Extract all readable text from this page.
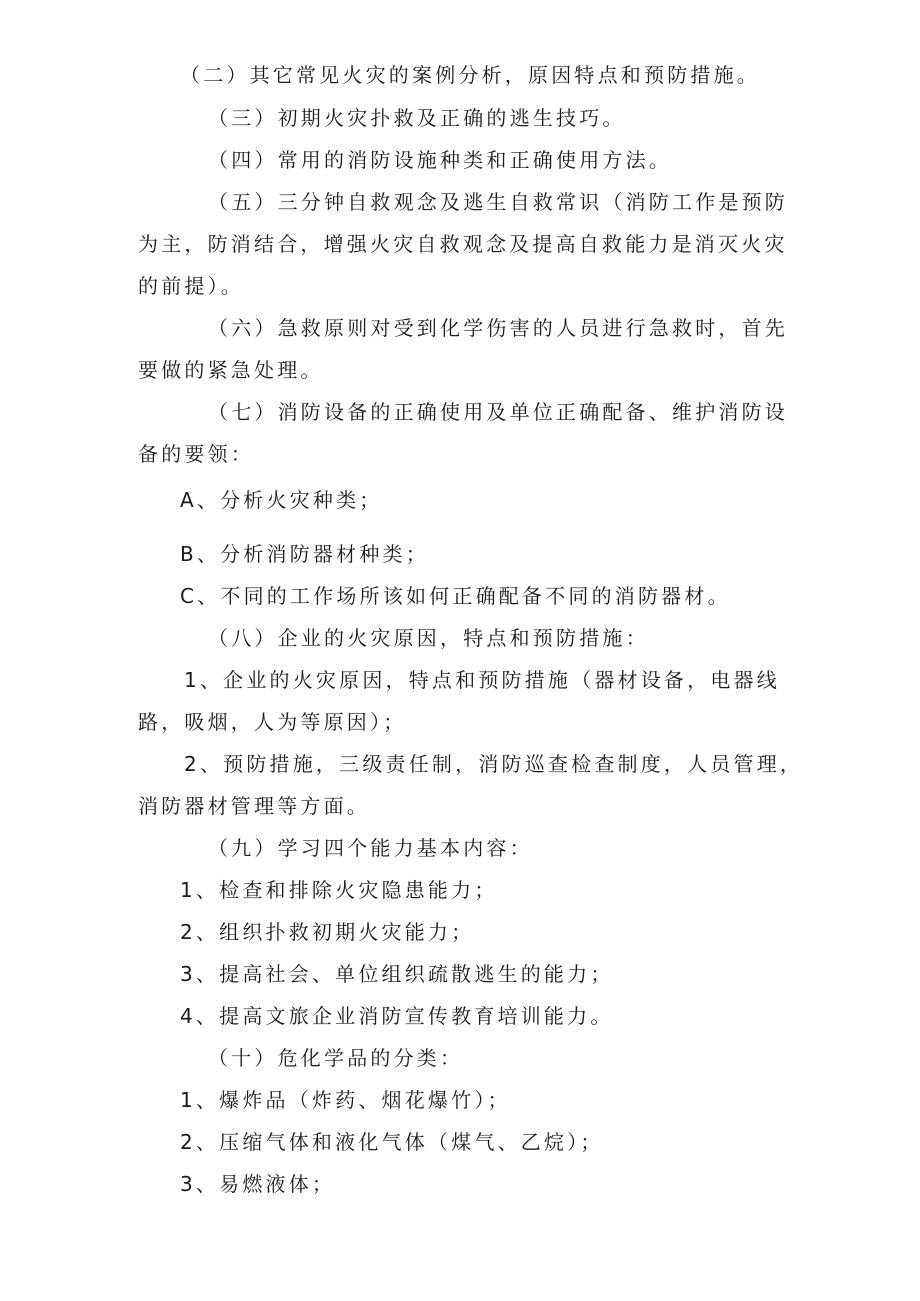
（二）其它常见火灾的案例分析，原因特点和预防措施。
（三）初期火灾扑救及正确的逃生技巧。
（四）常用的消防设施种类和正确使用方法。
（五）三分钟自救观念及逃生自救常识（消防工作是预防
为主，防消结合，增强火灾自救观念及提高自救能力是消灭火灾
的前提）。
（六）急救原则对受到化学伤害的人员进行急救时，首先
要做的紧急处理。
（七）消防设备的正确使用及单位正确配备、维护消防设
备的要领：
A、分析火灾种类；
B、分析消防器材种类；
C、不同的工作场所该如何正确配备不同的消防器材。
（八）企业的火灾原因，特点和预防措施：
1、企业的火灾原因，特点和预防措施（器材设备，电器线
路，吸烟，人为等原因）；
2、预防措施，三级责任制，消防巡查检查制度，人员管理，
消防器材管理等方面。
（九）学习四个能力基本内容：
1、检查和排除火灾隐患能力；
2、组织扑救初期火灾能力；
3、提高社会、单位组织疏散逃生的能力；
4、提高文旅企业消防宣传教育培训能力。
（十）危化学品的分类：
1、爆炸品（炸药、烟花爆竹）；
2、压缩气体和液化气体（煤气、乙烷）；
3、易燃液体；
